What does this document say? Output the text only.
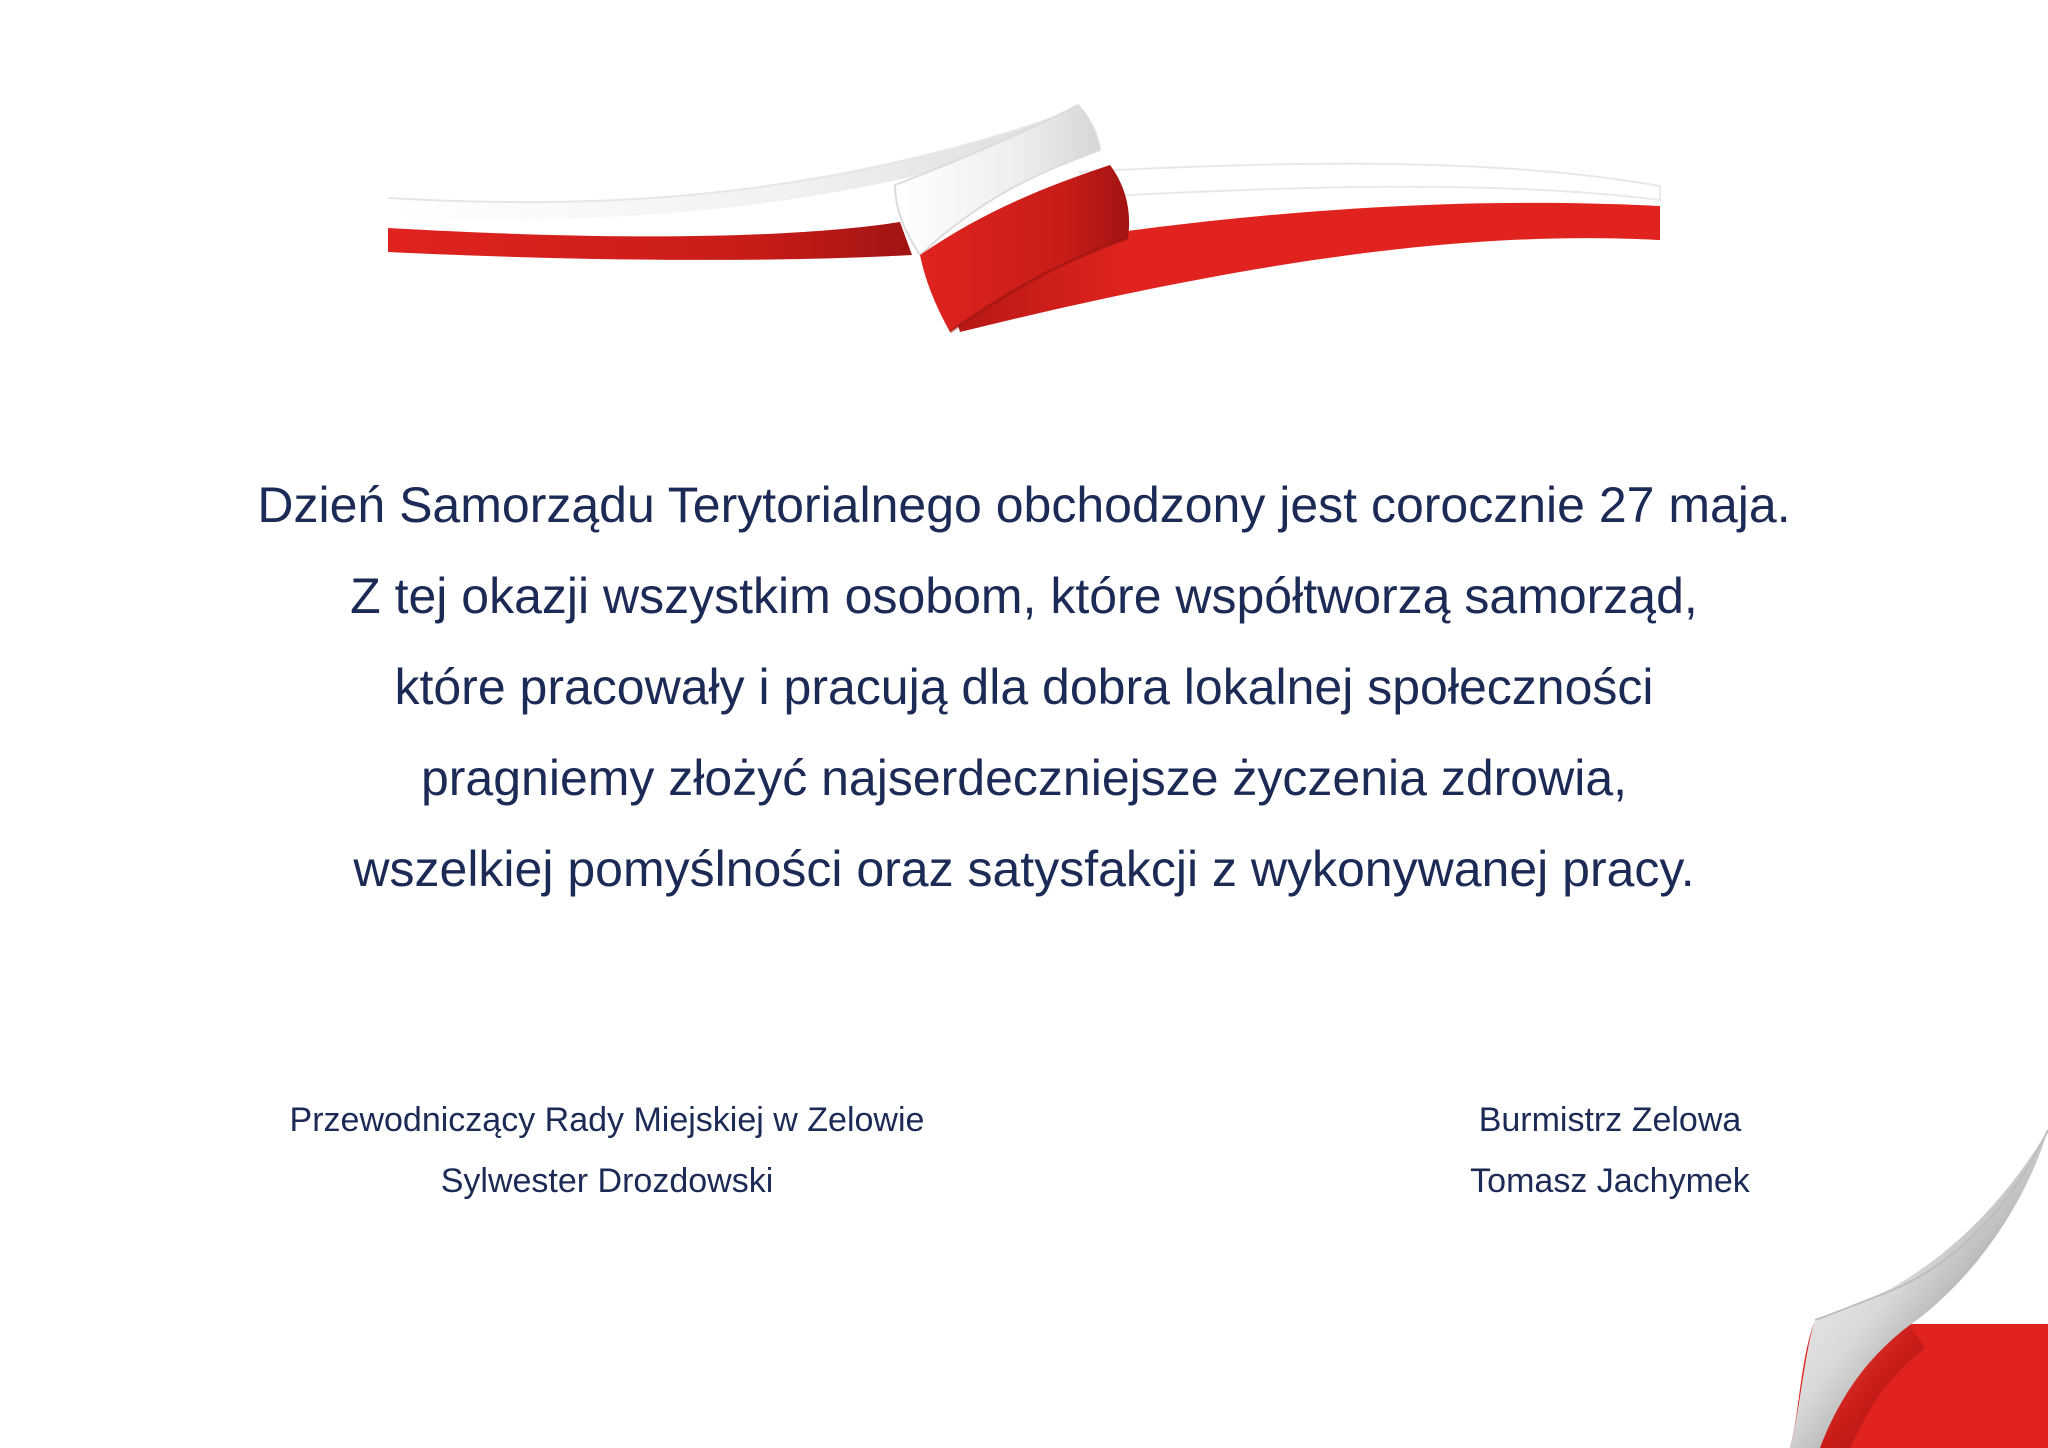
Dzień Samorządu Terytorialnego obchodzony jest corocznie 27 maja.
Z tej okazji wszystkim osobom, które współtworzą samorząd,
które pracowały i pracują dla dobra lokalnej społeczności
pragniemy złożyć najserdeczniejsze życzenia zdrowia,
wszelkiej pomyślności oraz satysfakcji z wykonywanej pracy.
Przewodniczący Rady Miejskiej w Zelowie
Sylwester Drozdowski
Burmistrz Zelowa
Tomasz Jachymek
